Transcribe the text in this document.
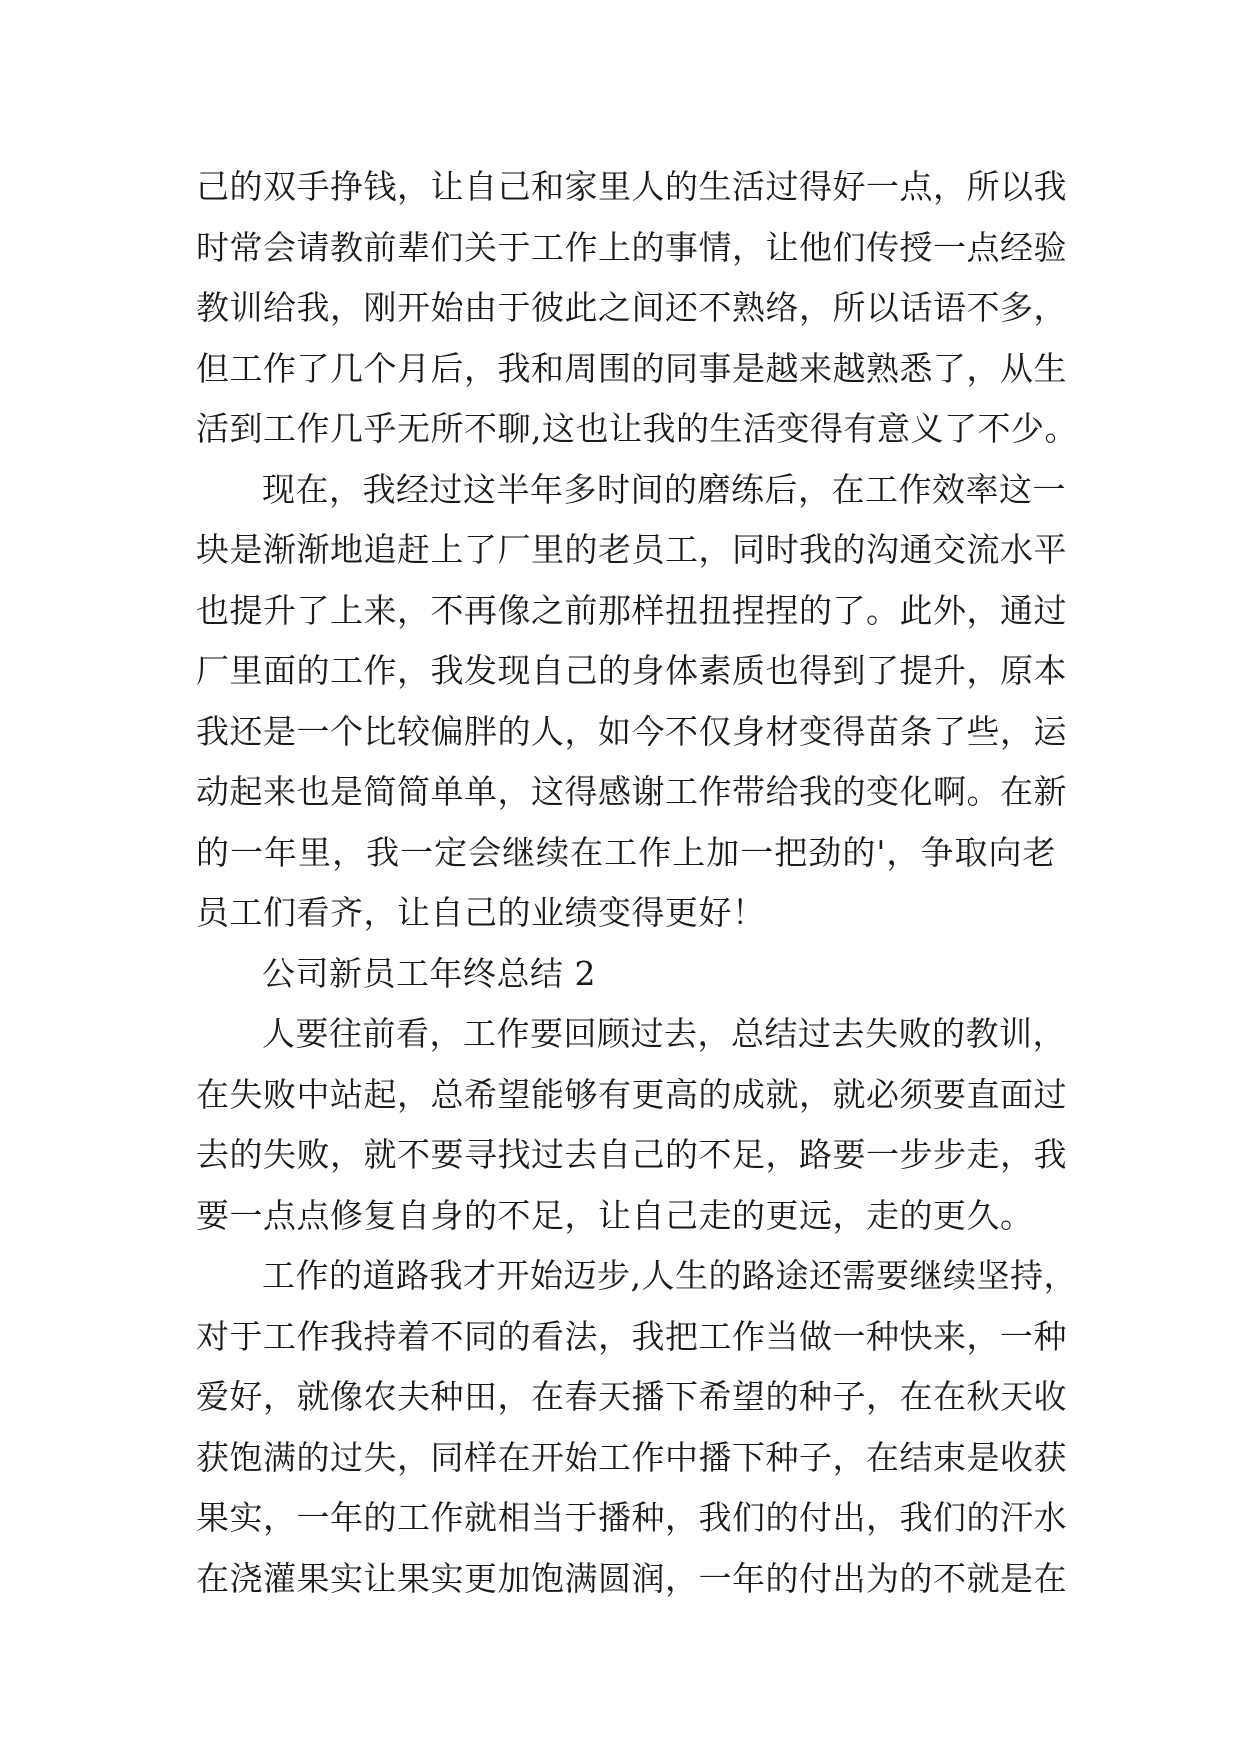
己的双手挣钱，让自己和家里人的生活过得好一点，所以我
时常会请教前辈们关于工作上的事情，让他们传授一点经验
教训给我，刚开始由于彼此之间还不熟络，所以话语不多，
但工作了几个月后，我和周围的同事是越来越熟悉了，从生
活到工作几乎无所不聊,这也让我的生活变得有意义了不少。
现在，我经过这半年多时间的磨练后，在工作效率这一
块是渐渐地追赶上了厂里的老员工，同时我的沟通交流水平
也提升了上来，不再像之前那样扭扭捏捏的了。此外，通过
厂里面的工作，我发现自己的身体素质也得到了提升，原本
我还是一个比较偏胖的人，如今不仅身材变得苗条了些，运
动起来也是简简单单，这得感谢工作带给我的变化啊。在新
的一年里，我一定会继续在工作上加一把劲的'，争取向老
员工们看齐，让自己的业绩变得更好！
公司新员工年终总结 2
人要往前看，工作要回顾过去，总结过去失败的教训，
在失败中站起，总希望能够有更高的成就，就必须要直面过
去的失败，就不要寻找过去自己的不足，路要一步步走，我
要一点点修复自身的不足，让自己走的更远，走的更久。
工作的道路我才开始迈步,人生的路途还需要继续坚持，
对于工作我持着不同的看法，我把工作当做一种快来，一种
爱好，就像农夫种田，在春天播下希望的种子，在在秋天收
获饱满的过失，同样在开始工作中播下种子，在结束是收获
果实，一年的工作就相当于播种，我们的付出，我们的汗水
在浇灌果实让果实更加饱满圆润，一年的付出为的不就是在
